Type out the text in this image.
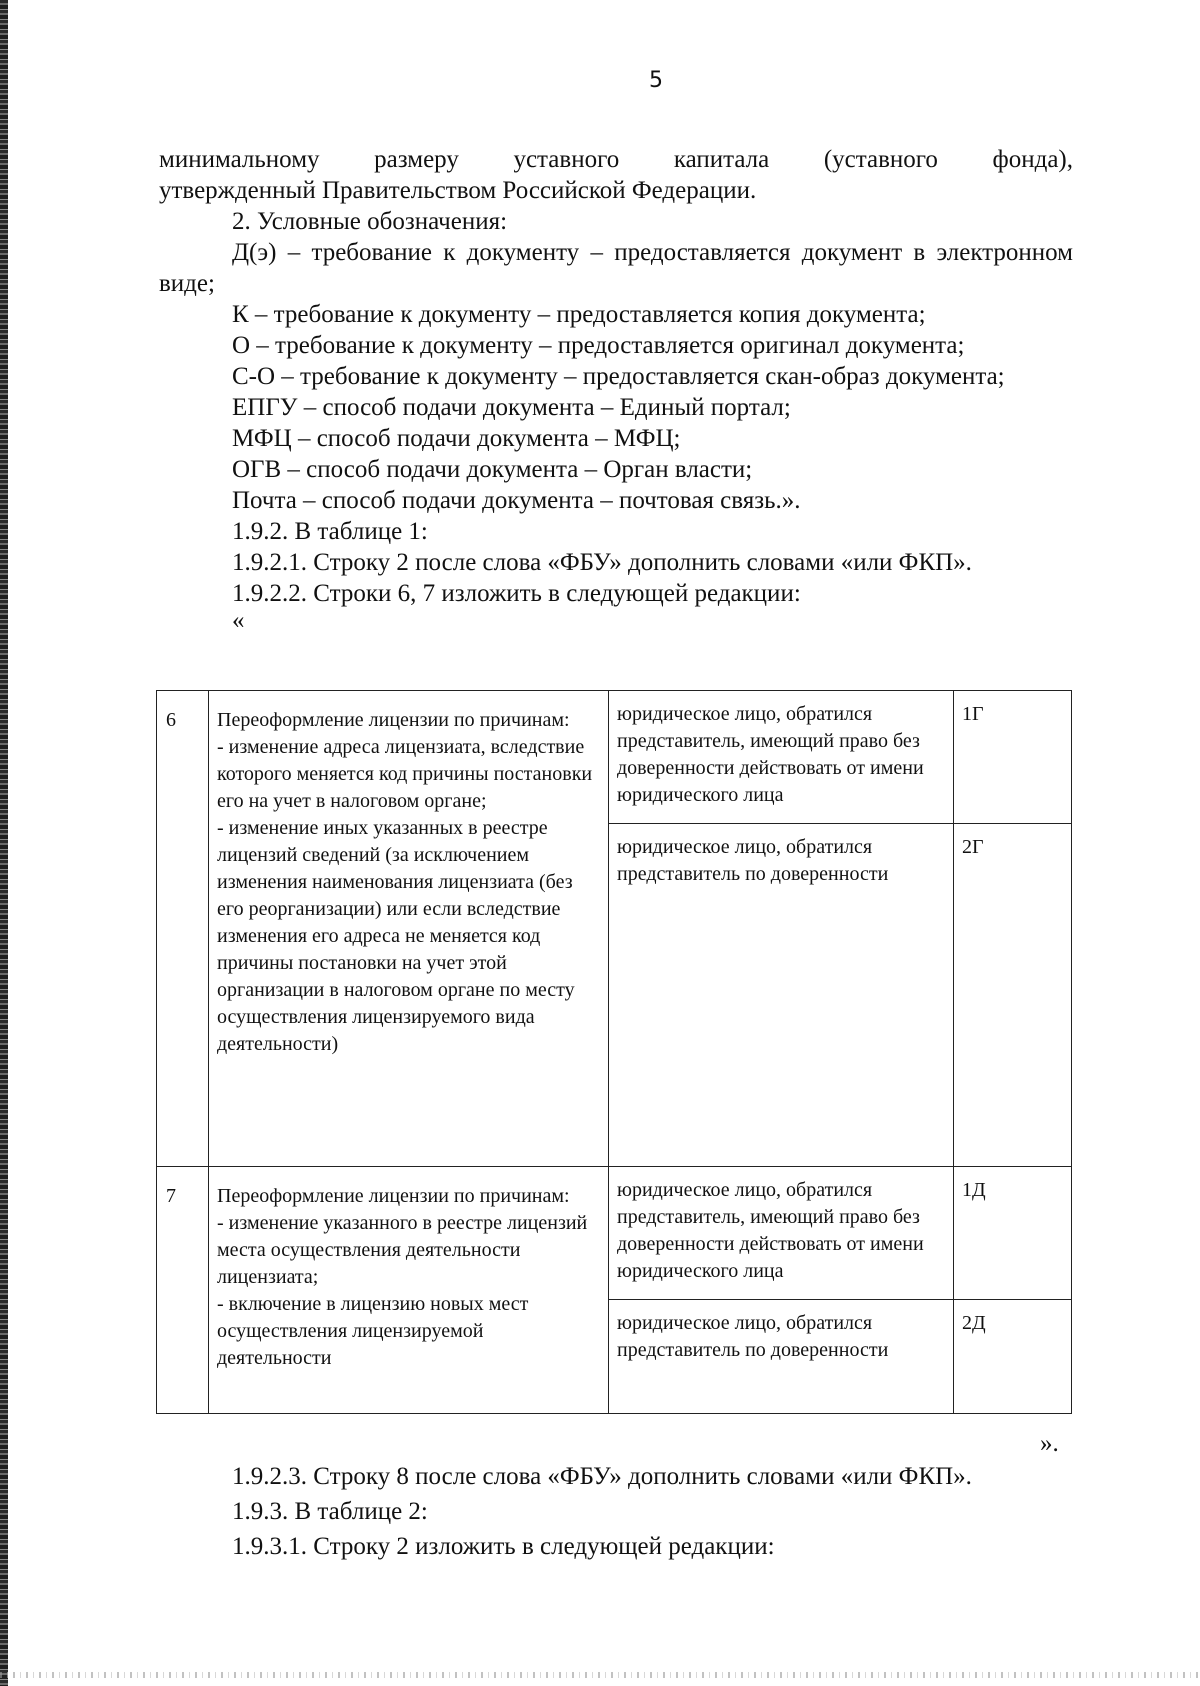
5

минимальному размеру уставного капитала (уставного фонда),

утвержденный Правительством Российской Федерации.

2. Условные обозначения:

Д(э) – требование к документу – предоставляется документ в электронном виде;

К – требование к документу – предоставляется копия документа;

О – требование к документу – предоставляется оригинал документа;

С-О – требование к документу – предоставляется скан-образ документа;

ЕПГУ – способ подачи документа – Единый портал;

МФЦ – способ подачи документа – МФЦ;

ОГВ – способ подачи документа – Орган власти;

Почта – способ подачи документа – почтовая связь.».

1.9.2. В таблице 1:

1.9.2.1. Строку 2 после слова «ФБУ» дополнить словами «или ФКП».

1.9.2.2. Строки 6, 7 изложить в следующей редакции:

«

6	Переоформление лицензии по причинам:
- изменение адреса лицензиата, вследствие которого меняется код причины постановки его на учет в налоговом органе;
- изменение иных указанных в реестре лицензий сведений (за исключением изменения наименования лицензиата (без его реорганизации) или если вследствие изменения его адреса не меняется код причины постановки на учет этой организации в налоговом органе по месту осуществления лицензируемого вида деятельности)	юридическое лицо, обратился представитель, имеющий право без доверенности действовать от имени юридического лица	1Г
		юридическое лицо, обратился представитель по доверенности	2Г
7	Переоформление лицензии по причинам:
- изменение указанного в реестре лицензий места осуществления деятельности лицензиата;
- включение в лицензию новых мест осуществления лицензируемой деятельности	юридическое лицо, обратился представитель, имеющий право без доверенности действовать от имени юридического лица	1Д
		юридическое лицо, обратился представитель по доверенности	2Д
».

1.9.2.3. Строку 8 после слова «ФБУ» дополнить словами «или ФКП».

1.9.3. В таблице 2:

1.9.3.1. Строку 2 изложить в следующей редакции:
